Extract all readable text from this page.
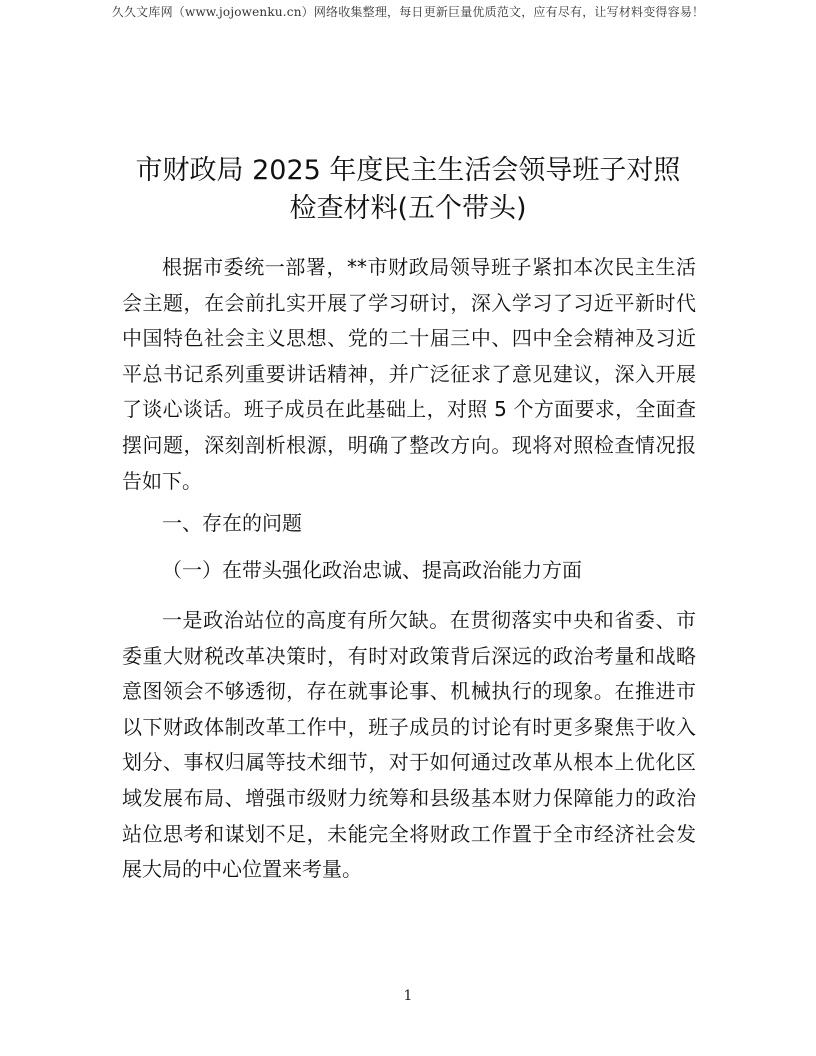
久久文库网（www.jojowenku.cn）网络收集整理，每日更新巨量优质范文，应有尽有，让写材料变得容易！
市财政局 2025 年度民主生活会领导班子对照
检查材料(五个带头)

根据市委统一部署，**市财政局领导班子紧扣本次民主生活会主题，在会前扎实开展了学习研讨，深入学习了习近平新时代中国特色社会主义思想、党的二十届三中、四中全会精神及习近平总书记系列重要讲话精神，并广泛征求了意见建议，深入开展了谈心谈话。班子成员在此基础上，对照 5 个方面要求，全面查摆问题，深刻剖析根源，明确了整改方向。现将对照检查情况报告如下。

一、存在的问题

（一）在带头强化政治忠诚、提高政治能力方面

一是政治站位的高度有所欠缺。在贯彻落实中央和省委、市委重大财税改革决策时，有时对政策背后深远的政治考量和战略意图领会不够透彻，存在就事论事、机械执行的现象。在推进市以下财政体制改革工作中，班子成员的讨论有时更多聚焦于收入划分、事权归属等技术细节，对于如何通过改革从根本上优化区域发展布局、增强市级财力统筹和县级基本财力保障能力的政治站位思考和谋划不足，未能完全将财政工作置于全市经济社会发展大局的中心位置来考量。

1
